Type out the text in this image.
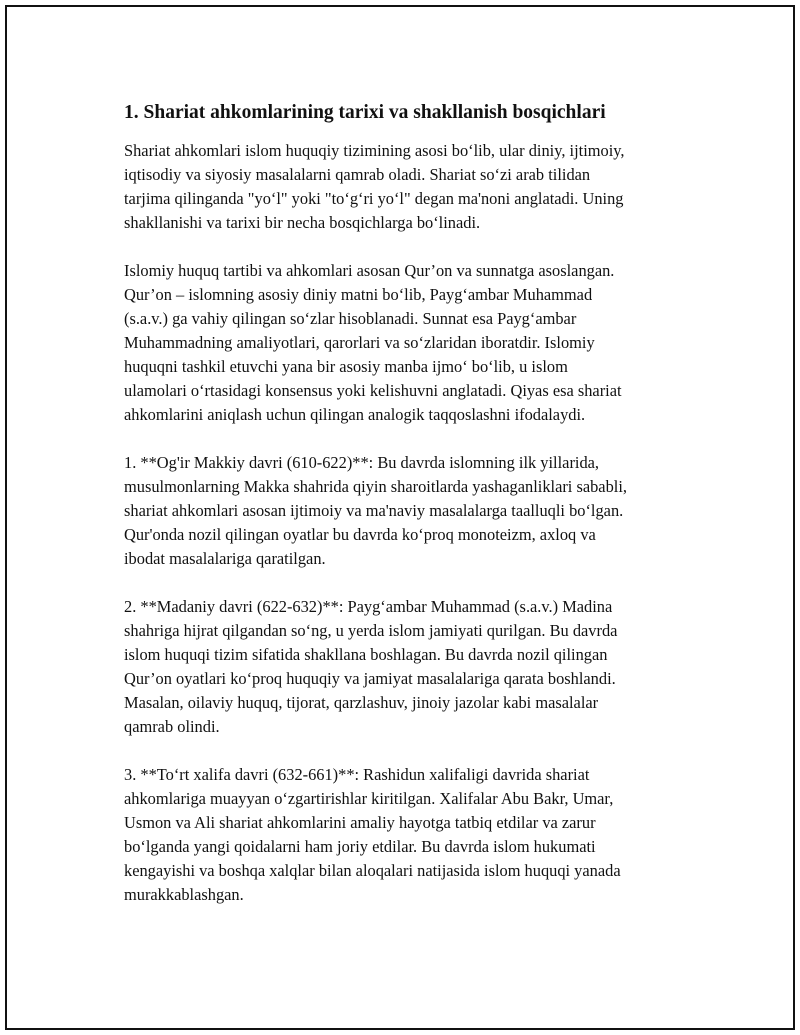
1. Shariat ahkomlarining tarixi va shakllanish bosqichlari

Shariat ahkomlari islom huquqiy tizimining asosi bo‘lib, ular diniy, ijtimoiy,
iqtisodiy va siyosiy masalalarni qamrab oladi. Shariat so‘zi arab tilidan
tarjima qilinganda "yo‘l" yoki "to‘g‘ri yo‘l" degan ma'noni anglatadi. Uning
shakllanishi va tarixi bir necha bosqichlarga bo‘linadi.

Islomiy huquq tartibi va ahkomlari asosan Qur’on va sunnatga asoslangan.
Qur’on – islomning asosiy diniy matni bo‘lib, Payg‘ambar Muhammad
(s.a.v.) ga vahiy qilingan so‘zlar hisoblanadi. Sunnat esa Payg‘ambar
Muhammadning amaliyotlari, qarorlari va so‘zlaridan iboratdir. Islomiy
huquqni tashkil etuvchi yana bir asosiy manba ijmo‘ bo‘lib, u islom
ulamolari o‘rtasidagi konsensus yoki kelishuvni anglatadi. Qiyas esa shariat
ahkomlarini aniqlash uchun qilingan analogik taqqoslashni ifodalaydi.

1. **Og'ir Makkiy davri (610-622)**: Bu davrda islomning ilk yillarida,
musulmonlarning Makka shahrida qiyin sharoitlarda yashaganliklari sababli,
shariat ahkomlari asosan ijtimoiy va ma'naviy masalalarga taalluqli bo‘lgan.
Qur'onda nozil qilingan oyatlar bu davrda ko‘proq monoteizm, axloq va
ibodat masalalariga qaratilgan.

2. **Madaniy davri (622-632)**: Payg‘ambar Muhammad (s.a.v.) Madina
shahriga hijrat qilgandan so‘ng, u yerda islom jamiyati qurilgan. Bu davrda
islom huquqi tizim sifatida shakllana boshlagan. Bu davrda nozil qilingan
Qur’on oyatlari ko‘proq huquqiy va jamiyat masalalariga qarata boshlandi.
Masalan, oilaviy huquq, tijorat, qarzlashuv, jinoiy jazolar kabi masalalar
qamrab olindi.

3. **To‘rt xalifa davri (632-661)**: Rashidun xalifaligi davrida shariat
ahkomlariga muayyan o‘zgartirishlar kiritilgan. Xalifalar Abu Bakr, Umar,
Usmon va Ali shariat ahkomlarini amaliy hayotga tatbiq etdilar va zarur
bo‘lganda yangi qoidalarni ham joriy etdilar. Bu davrda islom hukumati
kengayishi va boshqa xalqlar bilan aloqalari natijasida islom huquqi yanada
murakkablashgan.
